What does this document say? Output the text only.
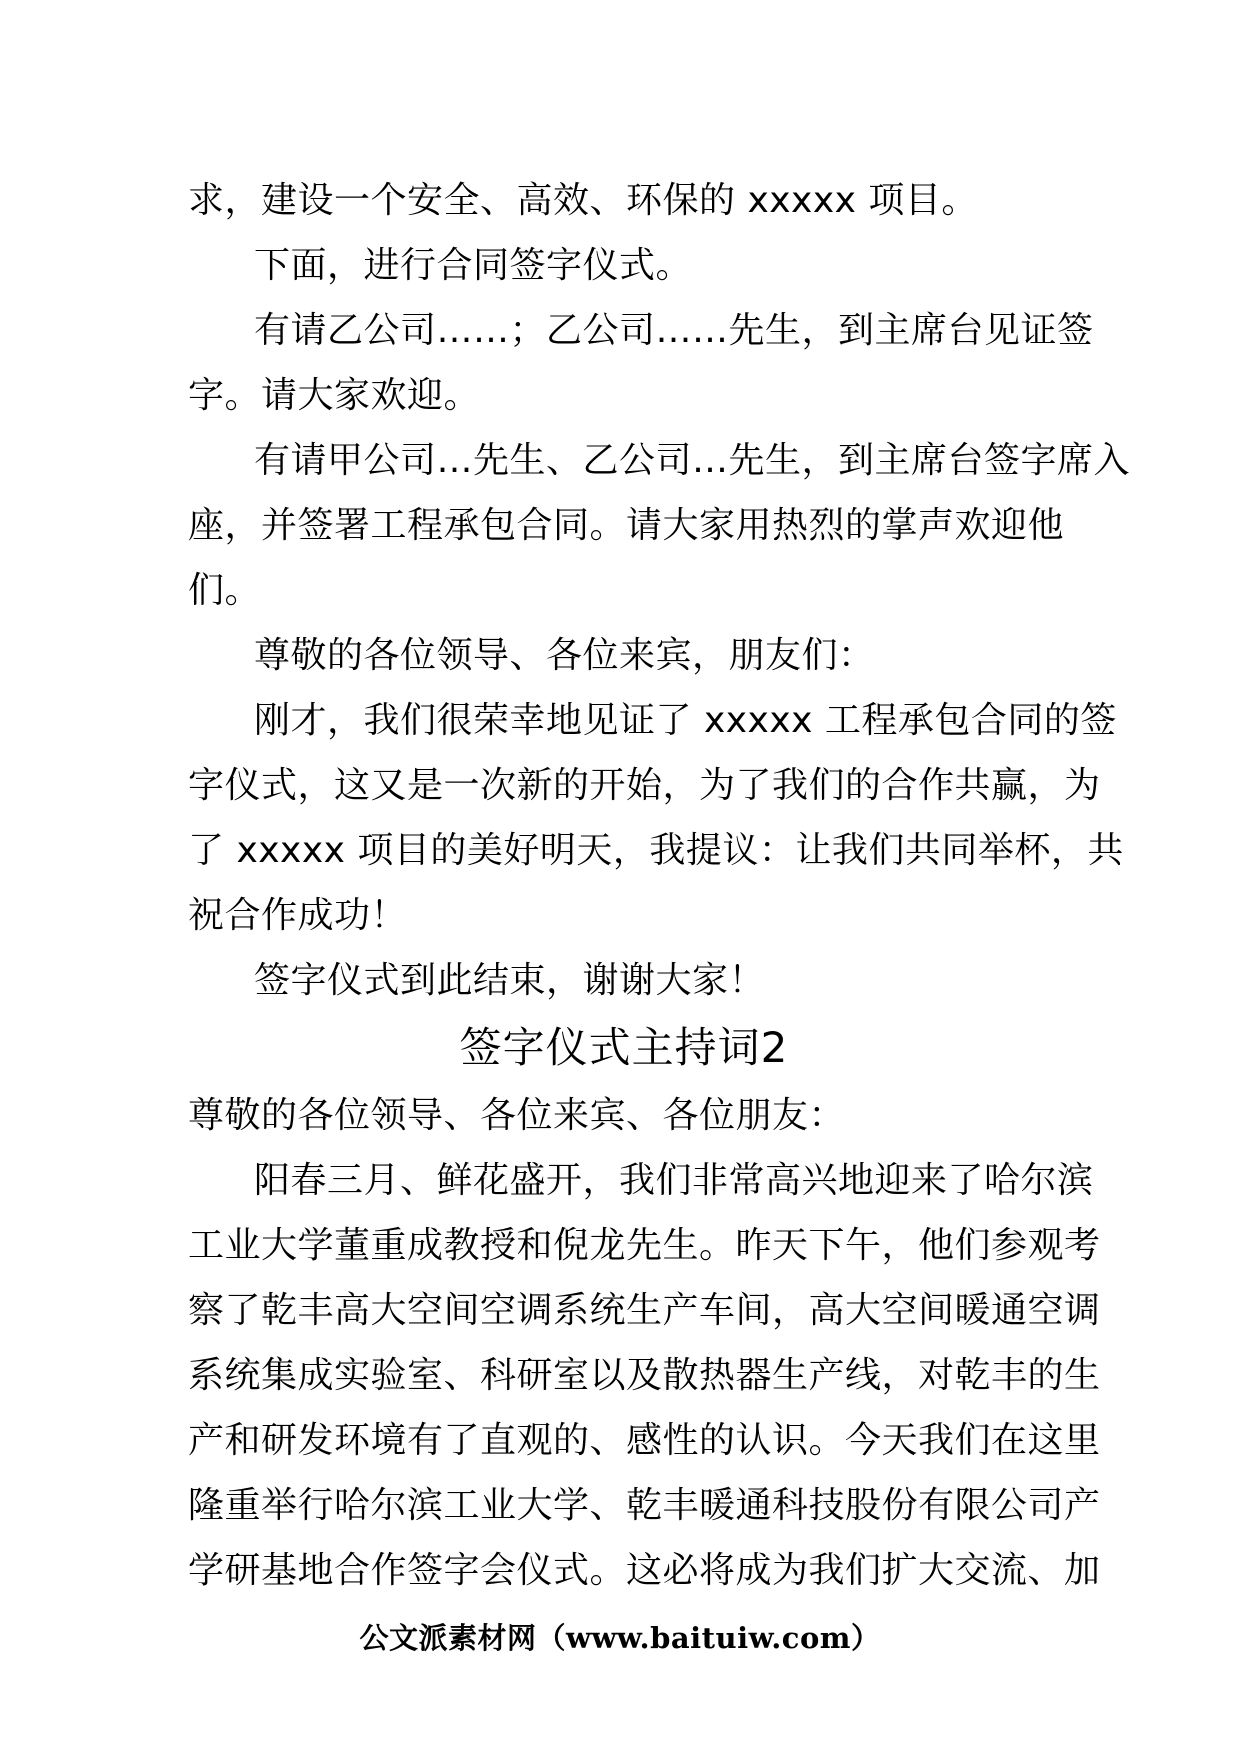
求，建设一个安全、高效、环保的 xxxxx 项目。
下面，进行合同签字仪式。
有请乙公司……；乙公司……先生，到主席台见证签
字。请大家欢迎。
有请甲公司…先生、乙公司…先生，到主席台签字席入
座，并签署工程承包合同。请大家用热烈的掌声欢迎他
们。
尊敬的各位领导、各位来宾，朋友们：
刚才，我们很荣幸地见证了 xxxxx 工程承包合同的签
字仪式，这又是一次新的开始，为了我们的合作共赢，为
了 xxxxx 项目的美好明天，我提议：让我们共同举杯，共
祝合作成功！
签字仪式到此结束，谢谢大家！
签字仪式主持词2
尊敬的各位领导、各位来宾、各位朋友：
阳春三月、鲜花盛开，我们非常高兴地迎来了哈尔滨
工业大学董重成教授和倪龙先生。昨天下午，他们参观考
察了乾丰高大空间空调系统生产车间，高大空间暖通空调
系统集成实验室、科研室以及散热器生产线，对乾丰的生
产和研发环境有了直观的、感性的认识。今天我们在这里
隆重举行哈尔滨工业大学、乾丰暖通科技股份有限公司产
学研基地合作签字会仪式。这必将成为我们扩大交流、加
公文派素材网（www.baituiw.com）
